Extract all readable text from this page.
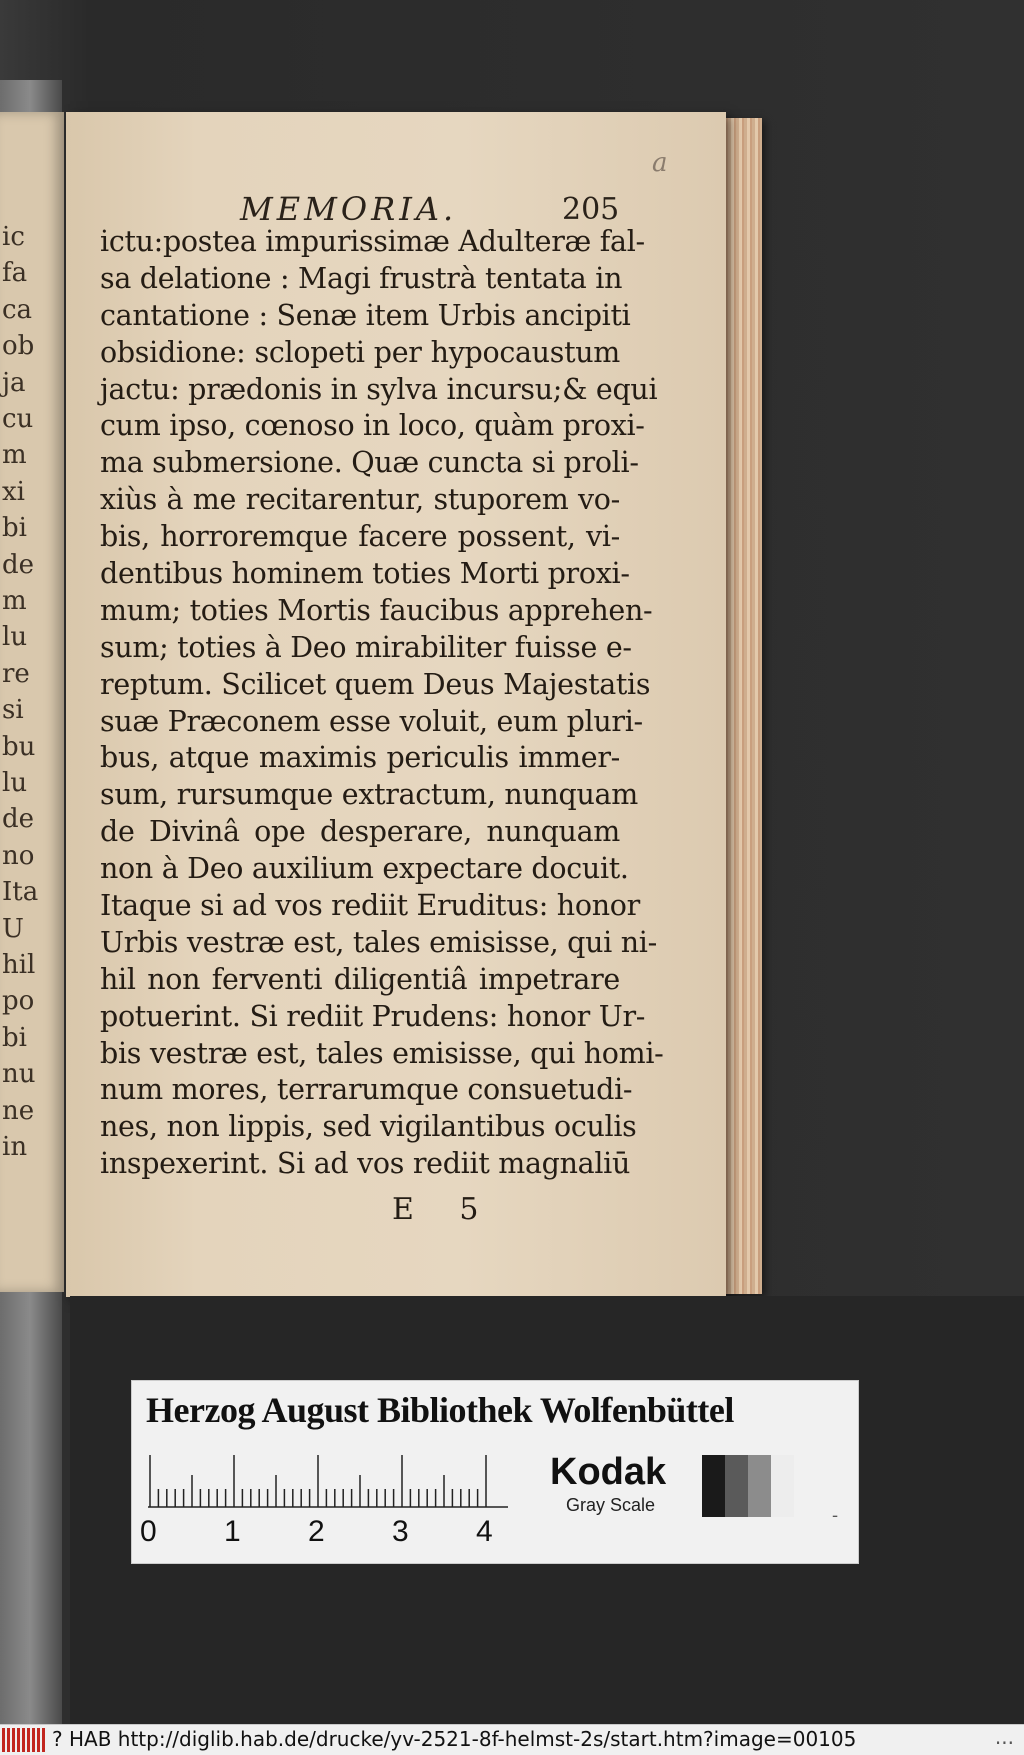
ic
fa
ca
ob
ja
cu
m
xi
bi
de
m
lu
re
si
bu
lu
de
no
Ita
U
hil
po
bi
nu
ne
in
a
MEMORIA.	205
ictu:postea impurissimæ Adulteræ fal-
sa delatione : Magi frustrà tentata in
cantatione : Senæ item Urbis ancipiti
obsidione: sclopeti per hypocaustum
jactu: prædonis in sylva incursu;& equi
cum ipso, cœnoso in loco, quàm proxi-
ma submersione. Quæ cuncta si proli-
xiùs à me recitarentur, stuporem vo-
bis, horroremque facere possent, vi-
dentibus hominem toties Morti proxi-
mum; toties Mortis faucibus apprehen-
sum; toties à Deo mirabiliter fuisse e-
reptum. Scilicet quem Deus Majestatis
suæ Præconem esse voluit, eum pluri-
bus, atque maximis periculis immer-
sum, rursumque extractum, nunquam
de Divinâ ope desperare, nunquam
non à Deo auxilium expectare docuit.
Itaque si ad vos rediit Eruditus: honor
Urbis vestræ est, tales emisisse, qui ni-
hil non ferventi diligentiâ impetrare
potuerint. Si rediit Prudens: honor Ur-
bis vestræ est, tales emisisse, qui homi-
num mores, terrarumque consuetudi-
nes, non lippis, sed vigilantibus oculis
inspexerint. Si ad vos rediit magnaliū
E 5
Herzog August Bibliothek Wolfenbüttel
0 1 2 3 4
Kodak
Gray Scale	-
? HAB http://diglib.hab.de/drucke/yv-2521-8f-helmst-2s/start.htm?image=00105	...
